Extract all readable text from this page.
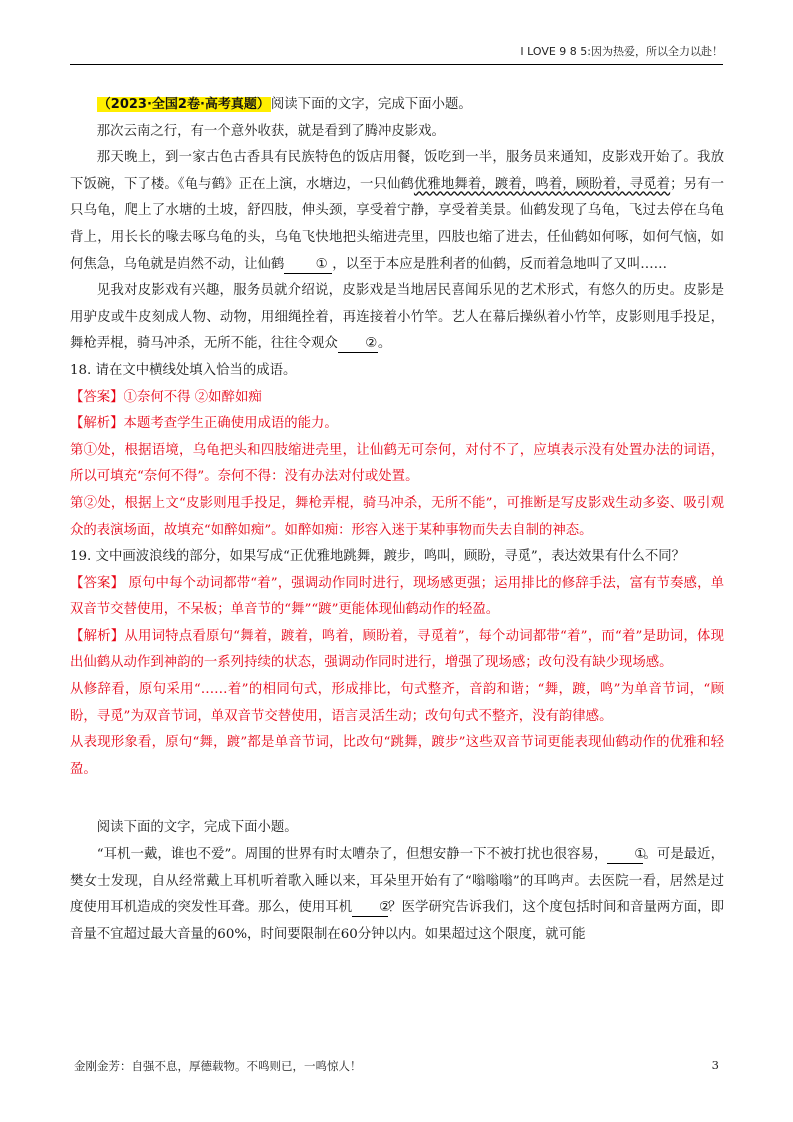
I LOVE 9 8 5:因为热爱，所以全力以赴！

（2023·全国2卷·高考真题）阅读下面的文字，完成下面小题。

那次云南之行，有一个意外收获，就是看到了腾冲皮影戏。

那天晚上，到一家古色古香具有民族特色的饭店用餐，饭吃到一半，服务员来通知，皮影戏开始了。我放下饭碗，下了楼。《龟与鹤》正在上演，水塘边，一只仙鹤优雅地舞着，踱着，鸣着，顾盼着，寻觅着；另有一只乌龟，爬上了水塘的土坡，舒四肢，伸头颈，享受着宁静，享受着美景。仙鹤发现了乌龟，飞过去停在乌龟背上，用长长的喙去啄乌龟的头，乌龟飞快地把头缩进壳里，四肢也缩了进去，任仙鹤如何啄，如何气恼，如何焦急，乌龟就是岿然不动，让仙鹤 ① ，以至于本应是胜利者的仙鹤，反而着急地叫了又叫……

见我对皮影戏有兴趣，服务员就介绍说，皮影戏是当地居民喜闻乐见的艺术形式，有悠久的历史。皮影是用驴皮或牛皮刻成人物、动物，用细绳拴着，再连接着小竹竿。艺人在幕后操纵着小竹竿，皮影则甩手投足，舞枪弄棍，骑马冲杀，无所不能，往往令观众 ②。

18. 请在文中横线处填入恰当的成语。

【答案】①奈何不得 ②如醉如痴

【解析】本题考查学生正确使用成语的能力。

第①处，根据语境，乌龟把头和四肢缩进壳里，让仙鹤无可奈何，对付不了，应填表示没有处置办法的词语，所以可填充“奈何不得”。奈何不得：没有办法对付或处置。

第②处，根据上文“皮影则甩手投足，舞枪弄棍，骑马冲杀，无所不能”，可推断是写皮影戏生动多姿、吸引观众的表演场面，故填充“如醉如痴”。如醉如痴：形容入迷于某种事物而失去自制的神态。

19. 文中画波浪线的部分，如果写成“正优雅地跳舞，踱步，鸣叫，顾盼，寻觅”，表达效果有什么不同？

【答案】 原句中每个动词都带“着”，强调动作同时进行，现场感更强；运用排比的修辞手法，富有节奏感，单双音节交替使用，不呆板；单音节的“舞”“踱”更能体现仙鹤动作的轻盈。

【解析】从用词特点看原句“舞着，踱着，鸣着，顾盼着，寻觅着”，每个动词都带“着”，而“着”是助词，体现出仙鹤从动作到神韵的一系列持续的状态，强调动作同时进行，增强了现场感；改句没有缺少现场感。

从修辞看，原句采用“……着”的相同句式，形成排比，句式整齐，音韵和谐；“舞，踱，鸣”为单音节词，“顾盼，寻觅”为双音节词，单双音节交替使用，语言灵活生动；改句句式不整齐，没有韵律感。

从表现形象看，原句“舞，踱”都是单音节词，比改句“跳舞，踱步”这些双音节词更能表现仙鹤动作的优雅和轻盈。

阅读下面的文字，完成下面小题。

“耳机一戴，谁也不爱”。周围的世界有时太嘈杂了，但想安静一下不被打扰也很容易， ①。可是最近，樊女士发现，自从经常戴上耳机听着歌入睡以来，耳朵里开始有了“嗡嗡嗡”的耳鸣声。去医院一看，居然是过度使用耳机造成的突发性耳聋。那么，使用耳机 ②？医学研究告诉我们，这个度包括时间和音量两方面，即音量不宜超过最大音量的60%，时间要限制在60分钟以内。如果超过这个限度，就可能

金刚金芳：自强不息，厚德载物。不鸣则已，一鸣惊人！	3
